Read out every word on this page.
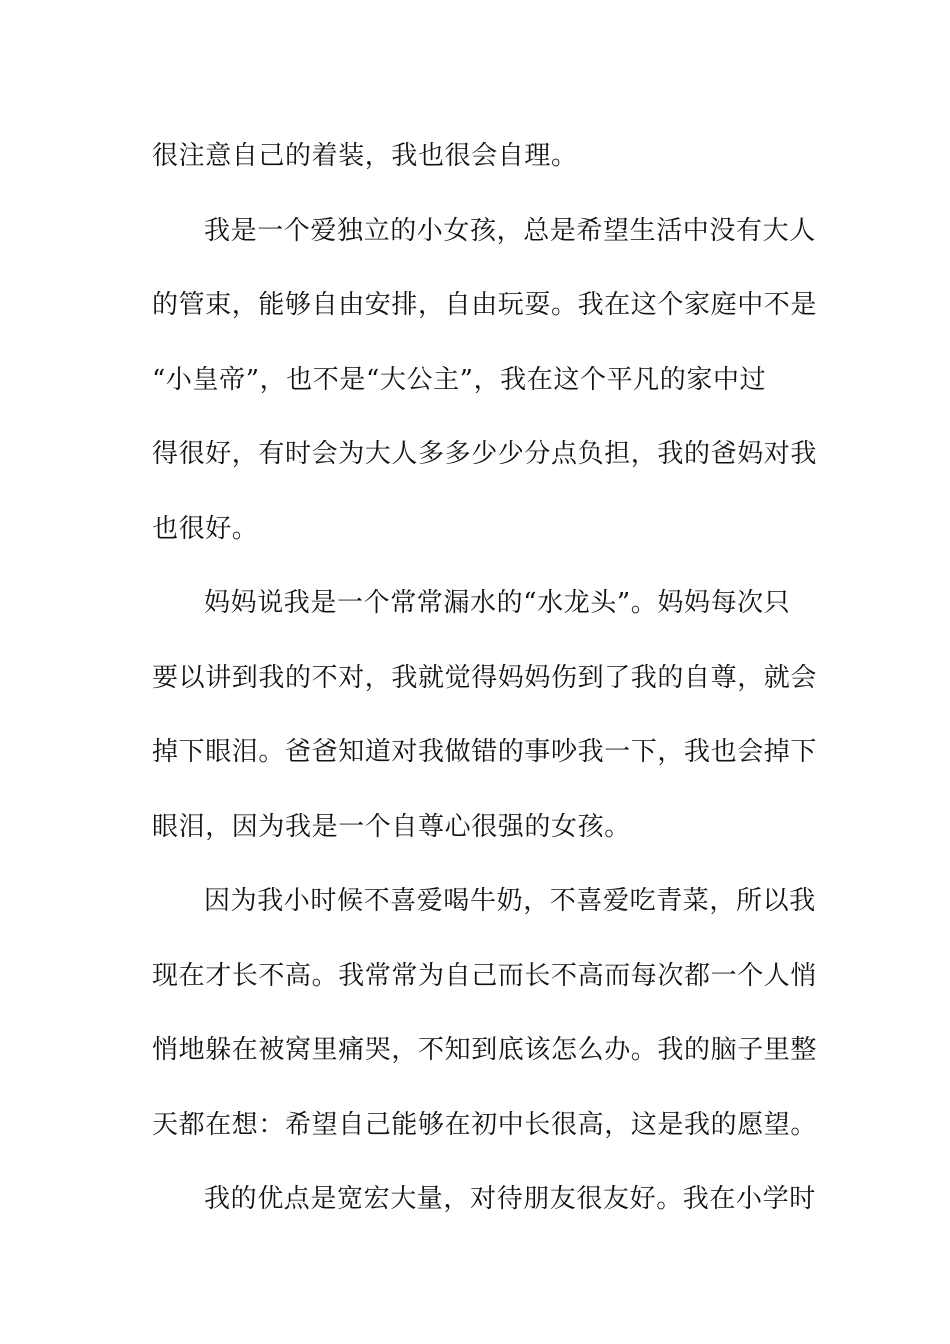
很注意自己的着装，我也很会自理。
我是一个爱独立的小女孩，总是希望生活中没有大人
的管束，能够自由安排，自由玩耍。我在这个家庭中不是
“小皇帝”，也不是“大公主”，我在这个平凡的家中过
得很好，有时会为大人多多少少分点负担，我的爸妈对我
也很好。
妈妈说我是一个常常漏水的“水龙头”。妈妈每次只
要以讲到我的不对，我就觉得妈妈伤到了我的自尊，就会
掉下眼泪。爸爸知道对我做错的事吵我一下，我也会掉下
眼泪，因为我是一个自尊心很强的女孩。
因为我小时候不喜爱喝牛奶，不喜爱吃青菜，所以我
现在才长不高。我常常为自己而长不高而每次都一个人悄
悄地躲在被窝里痛哭，不知到底该怎么办。我的脑子里整
天都在想：希望自己能够在初中长很高，这是我的愿望。
我的优点是宽宏大量，对待朋友很友好。我在小学时
